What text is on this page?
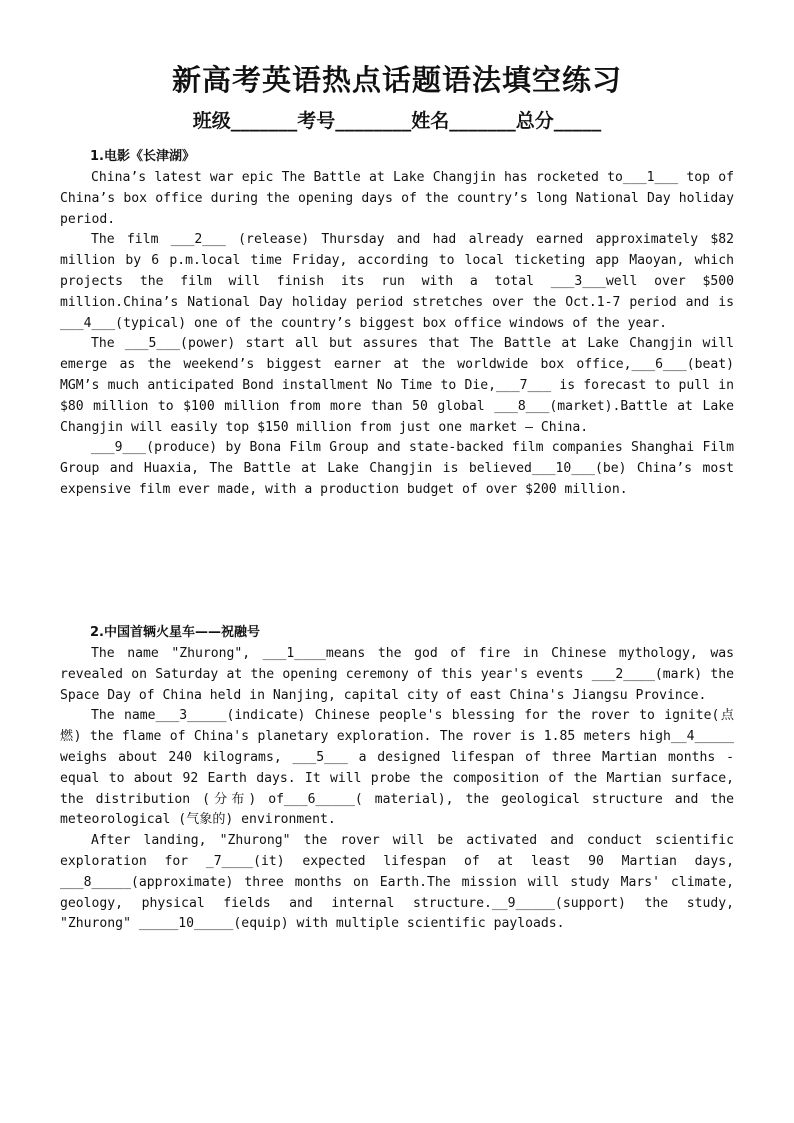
新高考英语热点话题语法填空练习
班级_______考号________姓名_______总分_____
1.电影《长津湖》

China’s latest war epic The Battle at Lake Changjin has rocketed to___1___ top of China’s box office during the opening days of the country’s long National Day holiday period.

The film ___2___ (release) Thursday and had already earned approximately $82 million by 6 p.m.local time Friday, according to local ticketing app Maoyan, which projects the film will finish its run with a total ___3___well over $500 million.China’s National Day holiday period stretches over the Oct.1-7 period and is ___4___(typical) one of the country’s biggest box office windows of the year.

The ___5___(power) start all but assures that The Battle at Lake Changjin will emerge as the weekend’s biggest earner at the worldwide box office,___6___(beat) MGM’s much anticipated Bond installment No Time to Die,___7___ is forecast to pull in $80 million to $100 million from more than 50 global ___8___(market).Battle at Lake Changjin will easily top $150 million from just one market — China.

___9___(produce) by Bona Film Group and state-backed film companies Shanghai Film Group and Huaxia, The Battle at Lake Changjin is believed___10___(be) China’s most expensive film ever made, with a production budget of over $200 million.

2.中国首辆火星车——祝融号

The name "Zhurong", ___1____means the god of fire in Chinese mythology, was revealed on Saturday at the opening ceremony of this year's events ___2____(mark) the Space Day of China held in Nanjing, capital city of east China's Jiangsu Province.

The name___3_____(indicate) Chinese people's blessing for the rover to ignite(点燃) the flame of China's planetary exploration. The rover is 1.85 meters high__4_____ weighs about 240 kilograms, ___5___ a designed lifespan of three Martian months - equal to about 92 Earth days. It will probe the composition of the Martian surface, the distribution (分布) of___6_____( material), the geological structure and the meteorological (气象的) environment.

After landing, "Zhurong" the rover will be activated and conduct scientific exploration for _7____(it) expected lifespan of at least 90 Martian days, ___8_____(approximate) three months on Earth.The mission will study Mars' climate, geology, physical fields and internal structure.__9_____(support) the study, "Zhurong" _____10_____(equip) with multiple scientific payloads.
